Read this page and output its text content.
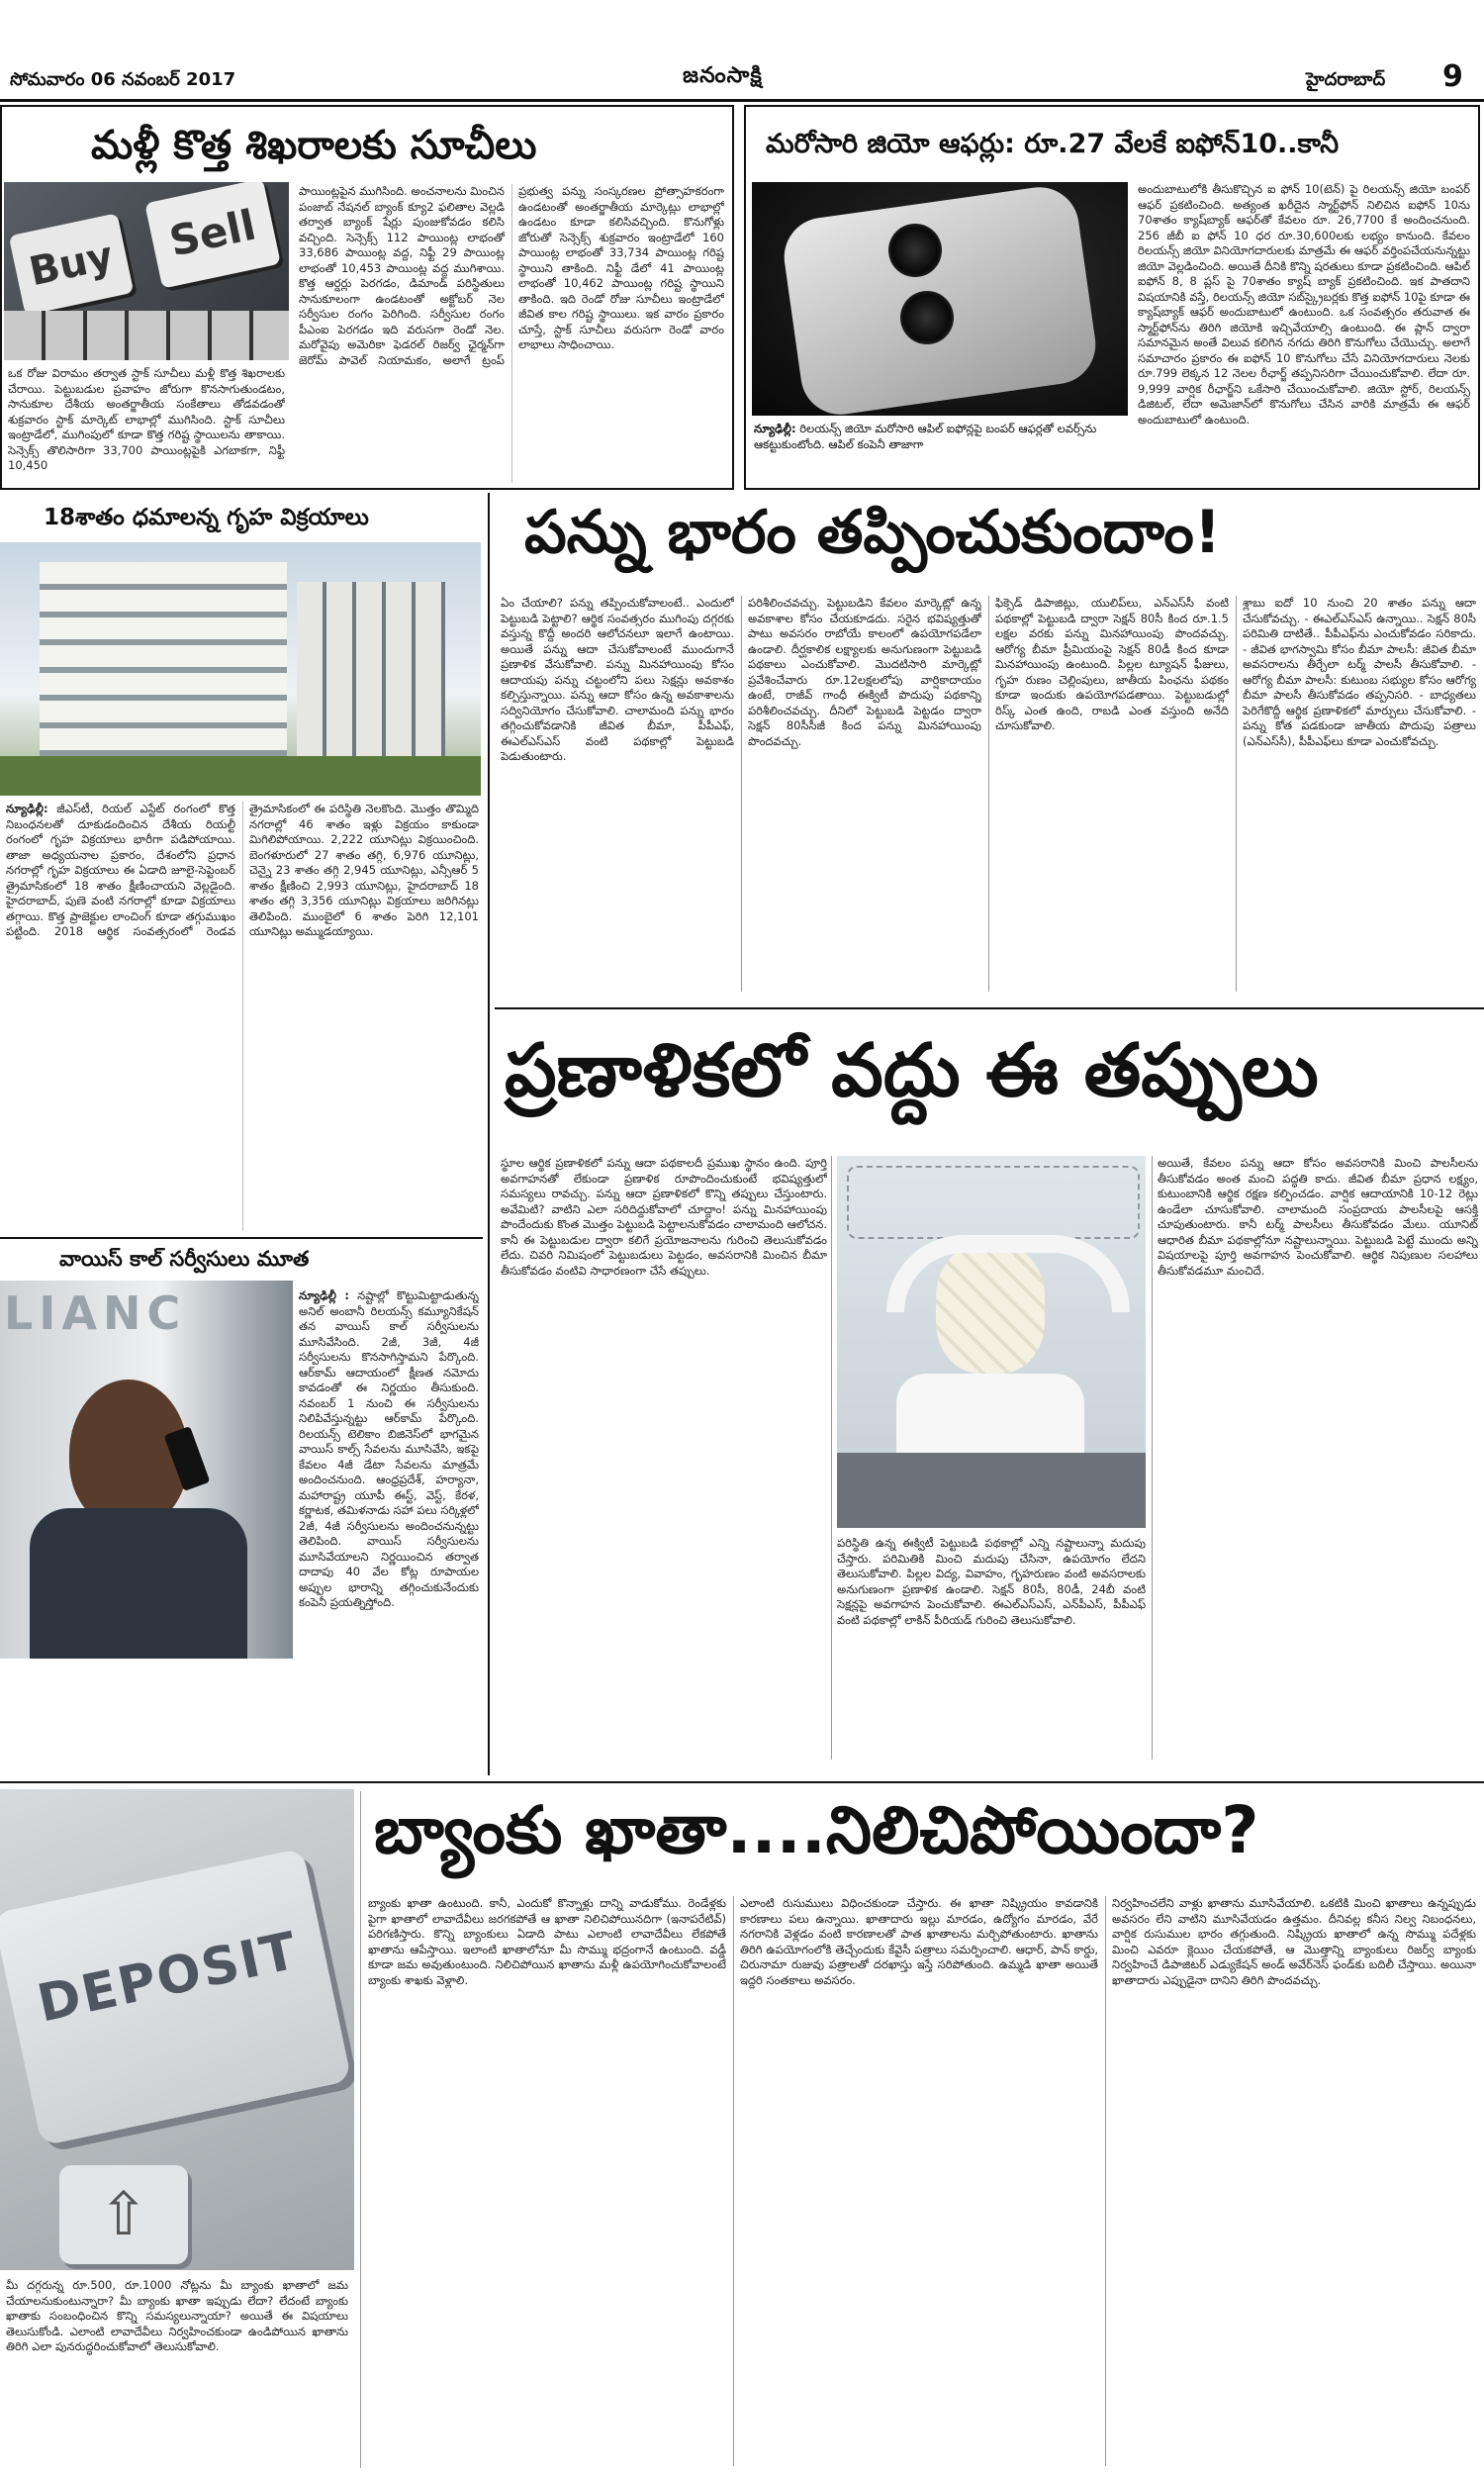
సోమవారం 06 నవంబర్ 2017	జనంసాక్షి	హైదరాబాద్ 9
మళ్లీ కొత్త శిఖరాలకు సూచీలు
Buy	Sell
ఒక రోజు విరామం తర్వాత స్టాక్ సూచీలు మళ్లీ కొత్త శిఖరాలకు చేరాయి. పెట్టుబడుల ప్రవాహం జోరుగా కొనసాగుతుండటం, సానుకూల దేశీయ అంతర్జాతీయ సంకేతాలు తోడవడంతో శుక్రవారం స్టాక్ మార్కెట్ లాభాల్లో ముగిసింది. స్టాక్ సూచీలు ఇంట్రాడేలో, ముగింపులో కూడా కొత్త గరిష్ట స్థాయిలను తాకాయి. సెన్సెక్స్ తొలిసారిగా 33,700 పాయింట్లపైకి ఎగబాకగా, నిఫ్టీ 10,450
పాయింట్లపైన ముగిసింది. అంచనాలను మించిన పంజాబ్ నేషనల్ బ్యాంక్ క్యూ2 ఫలితాల వెల్లడి తర్వాత బ్యాంక్ షేర్లు పుంజుకోవడం కలిసి వచ్చింది. సెన్సెక్స్ 112 పాయింట్ల లాభంతో 33,686 పాయింట్ల వద్ద, నిఫ్టీ 29 పాయింట్ల లాభంతో 10,453 పాయింట్ల వద్ద ముగిశాయి. కొత్త ఆర్డర్లు పెరగడం, డిమాండ్ పరిస్థితులు సానుకూలంగా ఉండటంతో అక్టోబర్ నెల సర్వీసుల రంగం పెరిగింది. సర్వీసుల రంగం పీఎంఐ పెరగడం ఇది వరుసగా రెండో నెల. మరోవైపు అమెరికా ఫెడరల్ రిజర్వ్ ఛైర్మన్‌గా జెరోమ్ పావెల్ నియామకం, అలాగే ట్రంప్ ప్రభుత్వ పన్ను సంస్కరణల ప్రోత్సాహకరంగా ఉండటంతో అంతర్జాతీయ మార్కెట్లు లాభాల్లో ఉండటం కూడా కలిసివచ్చింది. కొనుగోళ్లు జోరుతో సెన్సెక్స్ శుక్రవారం ఇంట్రాడేలో 160 పాయింట్ల లాభంతో 33,734 పాయింట్ల గరిష్ట స్థాయిని తాకింది. నిఫ్టీ డేలో 41 పాయింట్ల లాభంతో 10,462 పాయింట్ల గరిష్ట స్థాయిని తాకింది. ఇది రెండో రోజు సూచీలు ఇంట్రాడేలో జీవిత కాల గరిష్ట స్థాయిలు. ఇక వారం ప్రకారం చూస్తే, స్టాక్ సూచీలు వరుసగా రెండో వారం లాభాలు సాధించాయి.
మరోసారి జియో ఆఫర్లు: రూ.27 వేలకే ఐఫోన్10..కానీ
న్యూఢిల్లీ: రిలయన్స్ జియో మరోసారి ఆపిల్ ఐఫోన్లపై బంపర్ ఆఫర్లతో లవర్స్‌ను ఆకట్టుకుంటోంది. ఆపిల్ కంపెనీ తాజాగా
అందుబాటులోకి తీసుకొచ్చిన ఐ ఫోన్ 10(టెన్) పై రిలయన్స్ జియో బంపర్ ఆఫర్ ప్రకటించింది. అత్యంత ఖరీదైన స్మార్ట్‌ఫోన్ నిలిచిన ఐఫోన్ 10ను 70శాతం క్యాష్‌బ్యాక్ ఆఫర్‌తో కేవలం రూ. 26,7700 కే అందించనుంది. 256 జీబీ ఐ ఫోన్ 10 ధర రూ.30,600లకు లభ్యం కానుంది. కేవలం రిలయన్స్ జియో వినియోగదారులకు మాత్రమే ఈ ఆఫర్ వర్తింపచేయనున్నట్టు జియో వెల్లడించింది. అయితే దీనికి కొన్ని షరతులు కూడా ప్రకటించింది. ఆపిల్ ఐఫోన్ 8, 8 ప్లస్ పై 70శాతం క్యాష్ బ్యాక్ ప్రకటించింది. ఇక పాతదాని విషయానికి వస్తే, రిలయన్స్ జియో సబ్‌స్క్రైబర్లకు కొత్త ఐఫోన్ 10పై కూడా ఈ క్యాష్‌బ్యాక్ ఆఫర్ అందుబాటులో ఉంటుంది. ఒక సంవత్సరం తరువాత ఈ స్మార్ట్‌ఫోన్‌ను తిరిగి జియోకి ఇచ్చివేయాల్సి ఉంటుంది. ఈ ప్లాన్ ద్వారా సమానమైన అంతే విలువ కలిగిన నగదు తిరిగి కొనుగోలు చేయొచ్చు. అలాగే సమాచారం ప్రకారం ఈ ఐఫోన్ 10 కొనుగోలు చేసే వినియోగదారులు నెలకు రూ.799 లెక్కన 12 నెలల రీఛార్జ్ తప్పనిసరిగా చేయించుకోవాలి. లేదా రూ. 9,999 వార్షిక రీఛార్జ్‌ని ఒకేసారి చేయించుకోవాలి. జియో స్టోర్, రిలయన్స్ డిజిటల్, లేదా అమెజాన్‌లో కొనుగోలు చేసిన వారికి మాత్రమే ఈ ఆఫర్ అందుబాటులో ఉంటుంది.
18శాతం ధమాలన్న గృహ విక్రయాలు
న్యూఢిల్లీ: జీఎస్‌టీ, రియల్ ఎస్టేట్ రంగంలో కొత్త నిబంధనలతో దూకుడందించిన దేశీయ రియల్టీ రంగంలో గృహ విక్రయాలు భారీగా పడిపోయాయి. తాజా అధ్యయనాల ప్రకారం, దేశంలోని ప్రధాన నగరాల్లో గృహ విక్రయాలు ఈ ఏడాది జూలై-సెప్టెంబర్ త్రైమాసికంలో 18 శాతం క్షీణించాయని వెల్లడైంది. హైదరాబాద్, పుణె వంటి నగరాల్లో కూడా విక్రయాలు తగ్గాయి. కొత్త ప్రాజెక్టుల లాంచింగ్ కూడా తగ్గుముఖం పట్టింది. 2018 ఆర్థిక సంవత్సరంలో రెండవ త్రైమాసికంలో ఈ పరిస్థితి నెలకొంది. మొత్తం తొమ్మిది నగరాల్లో 46 శాతం ఇళ్లు విక్రయం కాకుండా మిగిలిపోయాయి. 2,222 యూనిట్లు విక్రయించింది. బెంగళూరులో 27 శాతం తగ్గి, 6,976 యూనిట్లు, చెన్నై 23 శాతం తగ్గి 2,945 యూనిట్లు, ఎన్సీఆర్ 5 శాతం క్షీణించి 2,993 యూనిట్లు, హైదరాబాద్ 18 శాతం తగ్గి 3,356 యూనిట్లు విక్రయాలు జరిగినట్లు తెలిపింది. ముంబైలో 6 శాతం పెరిగి 12,101 యూనిట్లు అమ్ముడయ్యాయి.
వాయిస్ కాల్ సర్వీసులు మూత
LIANC	న్యూఢిల్లీ : నష్టాల్లో కొట్టుమిట్టాడుతున్న అనిల్ అంబానీ రిలయన్స్ కమ్యూనికేషన్ తన వాయిస్ కాల్ సర్వీసులను మూసివేసింది. 2జీ, 3జీ, 4జీ సర్వీసులను కొనసాగిస్తామని పేర్కొంది. ఆర్‌కామ్ ఆదాయంలో క్షీణత నమోదు కావడంతో ఈ నిర్ణయం తీసుకుంది. నవంబర్ 1 నుంచి ఈ సర్వీసులను నిలిపివేస్తున్నట్టు ఆర్‌కామ్ పేర్కొంది. రిలయన్స్ టెలికాం బిజినెస్‌లో భాగమైన వాయిస్ కాల్స్ సేవలను మూసివేసి, ఇకపై కేవలం 4జీ డేటా సేవలను మాత్రమే అందించనుంది. ఆంధ్రప్రదేశ్, హర్యానా, మహారాష్ట్ర యూపీ ఈస్ట్, వెస్ట్, కేరళ, కర్ణాటక, తమిళనాడు సహా పలు సర్కిళ్లలో 2జీ, 4జీ సర్వీసులను అందించనున్నట్టు తెలిపింది. వాయిస్ సర్వీసులను మూసివేయాలని నిర్ణయించిన తర్వాత దాదాపు 40 వేల కోట్ల రూపాయల అప్పుల భారాన్ని తగ్గించుకునేందుకు కంపెనీ ప్రయత్నిస్తోంది.
పన్ను భారం తప్పించుకుందాం!
ఏం చేయాలి? పన్ను తప్పించుకోవాలంటే.. ఎందులో పెట్టుబడి పెట్టాలి? ఆర్థిక సంవత్సరం ముగింపు దగ్గరకు వస్తున్న కొద్దీ అందరి ఆలోచనలూ ఇలాగే ఉంటాయి. అయితే పన్ను ఆదా చేసుకోవాలంటే ముందుగానే ప్రణాళిక వేసుకోవాలి. పన్ను మినహాయింపు కోసం ఆదాయపు పన్ను చట్టంలోని పలు సెక్షన్లు అవకాశం కల్పిస్తున్నాయి. పన్ను ఆదా కోసం ఉన్న అవకాశాలను సద్వినియోగం చేసుకోవాలి. చాలామంది పన్ను భారం తగ్గించుకోవడానికి జీవిత బీమా, పీపీఎఫ్, ఈఎల్ఎస్ఎస్ వంటి పథకాల్లో పెట్టుబడి పెడుతుంటారు.
పరిశీలించవచ్చు. పెట్టుబడిని కేవలం మార్కెట్లో ఉన్న అవకాశాల కోసం చేయకూడదు. సరైన భవిష్యత్తుతో పాటు అవసరం రాబోయే కాలంలో ఉపయోగపడేలా ఉండాలి. దీర్ఘకాలిక లక్ష్యాలకు అనుగుణంగా పెట్టుబడి పథకాలు ఎంచుకోవాలి. మొదటిసారి మార్కెట్లో ప్రవేశించేవారు రూ.12లక్షలలోపు వార్షికాదాయం ఉంటే, రాజీవ్ గాంధీ ఈక్విటీ పొదుపు పథకాన్ని పరిశీలించవచ్చు. దీనిలో పెట్టుబడి పెట్టడం ద్వారా సెక్షన్ 80సీసీజీ కింద పన్ను మినహాయింపు పొందవచ్చు.
ఫిక్సెడ్ డిపాజిట్లు, యులిప్‌లు, ఎన్ఎస్‌సీ వంటి పథకాల్లో పెట్టుబడి ద్వారా సెక్షన్ 80సీ కింద రూ.1.5 లక్షల వరకు పన్ను మినహాయింపు పొందవచ్చు. ఆరోగ్య బీమా ప్రీమియంపై సెక్షన్ 80డీ కింద కూడా మినహాయింపు ఉంటుంది. పిల్లల ట్యూషన్ ఫీజులు, గృహ రుణం చెల్లింపులు, జాతీయ పింఛను పథకం కూడా ఇందుకు ఉపయోగపడతాయి. పెట్టుబడుల్లో రిస్క్ ఎంత ఉంది, రాబడి ఎంత వస్తుంది అనేది చూసుకోవాలి.
శ్లాబు ఐదో 10 నుంచి 20 శాతం పన్ను ఆదా చేసుకోవచ్చు. - ఈఎల్ఎస్ఎస్ ఉన్నాయి.. సెక్షన్ 80సీ పరిమితి దాటితే.. పీపీఎఫ్‌ను ఎంచుకోవడం సరికాదు. - జీవిత భాగస్వామి కోసం బీమా పాలసీ: జీవిత బీమా అవసరాలను తీర్చేలా టర్మ్ పాలసీ తీసుకోవాలి. - ఆరోగ్య బీమా పాలసీ: కుటుంబ సభ్యుల కోసం ఆరోగ్య బీమా పాలసీ తీసుకోవడం తప్పనిసరి. - బాధ్యతలు పెరిగేకొద్దీ ఆర్థిక ప్రణాళికలో మార్పులు చేసుకోవాలి. - పన్ను కోత పడకుండా జాతీయ పొదుపు పత్రాలు (ఎన్ఎస్‌సీ), పీపీఎఫ్‌లు కూడా ఎంచుకోవచ్చు.
ప్రణాళికలో వద్దు ఈ తప్పులు
స్థూల ఆర్థిక ప్రణాళికలో పన్ను ఆదా పథకాలదీ ప్రముఖ స్థానం ఉంది. పూర్తి అవగాహనతో లేకుండా ప్రణాళిక రూపొందించుకుంటే భవిష్యత్తులో సమస్యలు రావచ్చు. పన్ను ఆదా ప్రణాళికలో కొన్ని తప్పులు చేస్తుంటారు. అవేమిటి? వాటిని ఎలా సరిదిద్దుకోవాలో చూద్దాం! పన్ను మినహాయింపు పొందేందుకు కొంత మొత్తం పెట్టుబడి పెట్టాలనుకోవడం చాలామంది ఆలోచన. కానీ ఈ పెట్టుబడుల ద్వారా కలిగే ప్రయోజనాలను గురించి తెలుసుకోవడం లేదు. చివరి నిమిషంలో పెట్టుబడులు పెట్టడం, అవసరానికి మించిన బీమా తీసుకోవడం వంటివి సాధారణంగా చేసే తప్పులు.
పరిస్థితి ఉన్న ఈక్విటీ పెట్టుబడి పథకాల్లో ఎన్ని నష్టాలున్నా మదుపు చేస్తారు. పరిమితికి మించి మదుపు చేసినా, ఉపయోగం లేదని తెలుసుకోవాలి. పిల్లల విద్య, వివాహం, గృహరుణం వంటి అవసరాలకు అనుగుణంగా ప్రణాళిక ఉండాలి. సెక్షన్ 80సీ, 80డీ, 24బీ వంటి సెక్షన్లపై అవగాహన పెంచుకోవాలి. ఈఎల్ఎస్ఎస్, ఎన్‌పీఎస్, పీపీఎఫ్ వంటి పథకాల్లో లాకిన్ పీరియడ్ గురించి తెలుసుకోవాలి.
అయితే, కేవలం పన్ను ఆదా కోసం అవసరానికి మించి పాలసీలను తీసుకోవడం అంత మంచి పద్ధతి కాదు. జీవిత బీమా ప్రధాన లక్ష్యం, కుటుంబానికి ఆర్థిక రక్షణ కల్పించడం. వార్షిక ఆదాయానికి 10-12 రెట్లు ఉండేలా చూసుకోవాలి. చాలామంది సంప్రదాయ పాలసీలపై ఆసక్తి చూపుతుంటారు. కానీ టర్మ్ పాలసీలు తీసుకోవడం మేలు. యూనిట్ ఆధారిత బీమా పథకాల్లోనూ నష్టాలున్నాయి. పెట్టుబడి పెట్టే ముందు అన్ని విషయాలపై పూర్తి అవగాహన పెంచుకోవాలి. ఆర్థిక నిపుణుల సలహాలు తీసుకోవడమూ మంచిదే.
DEPOSIT
⇧
మీ దగ్గరున్న రూ.500, రూ.1000 నోట్లను మీ బ్యాంకు ఖాతాలో జమ చేయాలనుకుంటున్నారా? మీ బ్యాంకు ఖాతా ఇప్పుడు లేదా? లేదంటే బ్యాంకు ఖాతాకు సంబంధించిన కొన్ని సమస్యలున్నాయా? అయితే ఈ విషయాలు తెలుసుకోండి. ఎలాంటి లావాదేవీలు నిర్వహించకుండా ఉండిపోయిన ఖాతాను తిరిగి ఎలా పునరుద్ధరించుకోవాలో తెలుసుకోవాలి.
బ్యాంకు ఖాతా....నిలిచిపోయిందా?
బ్యాంకు ఖాతా ఉంటుంది. కానీ, ఎందుకో కొన్నాళ్లు దాన్ని వాడుకోము. రెండేళ్లకు పైగా ఖాతాలో లావాదేవీలు జరగకపోతే ఆ ఖాతా నిలిచిపోయినదిగా (ఇనాపరేటివ్) పరిగణిస్తారు. కొన్ని బ్యాంకులు ఏడాది పాటు ఎలాంటి లావాదేవీలు లేకపోతే ఖాతాను ఆపేస్తాయి. ఇలాంటి ఖాతాలోనూ మీ సొమ్ము భద్రంగానే ఉంటుంది. వడ్డీ కూడా జమ అవుతుంటుంది. నిలిచిపోయిన ఖాతాను మళ్లీ ఉపయోగించుకోవాలంటే బ్యాంకు శాఖకు వెళ్లాలి.
ఎలాంటి రుసుములు విధించకుండా చేస్తారు. ఈ ఖాతా నిష్క్రియం కావడానికి కారణాలు పలు ఉన్నాయి. ఖాతాదారు ఇల్లు మారడం, ఉద్యోగం మారడం, వేరే నగరానికి వెళ్లడం వంటి కారణాలతో పాత ఖాతాలను మర్చిపోతుంటారు. ఖాతాను తిరిగి ఉపయోగంలోకి తెచ్చేందుకు కేవైసీ పత్రాలు సమర్పించాలి. ఆధార్, పాన్ కార్డు, చిరునామా రుజువు పత్రాలతో దరఖాస్తు ఇస్తే సరిపోతుంది. ఉమ్మడి ఖాతా అయితే ఇద్దరి సంతకాలు అవసరం.
నిర్వహించలేని వాళ్లు ఖాతాను మూసివేయాలి. ఒకటికి మించి ఖాతాలు ఉన్నప్పుడు అవసరం లేని వాటిని మూసివేయడం ఉత్తమం. దీనివల్ల కనీస నిల్వ నిబంధనలు, వార్షిక రుసుముల భారం తగ్గుతుంది. నిష్క్రియ ఖాతాలో ఉన్న సొమ్ము పదేళ్లకు మించి ఎవరూ క్లెయిం చేయకపోతే, ఆ మొత్తాన్ని బ్యాంకులు రిజర్వ్ బ్యాంకు నిర్వహించే డిపాజిటర్ ఎడ్యుకేషన్ అండ్ అవేర్‌నెస్ ఫండ్‌కు బదిలీ చేస్తాయి. అయినా ఖాతాదారు ఎప్పుడైనా దానిని తిరిగి పొందవచ్చు.
